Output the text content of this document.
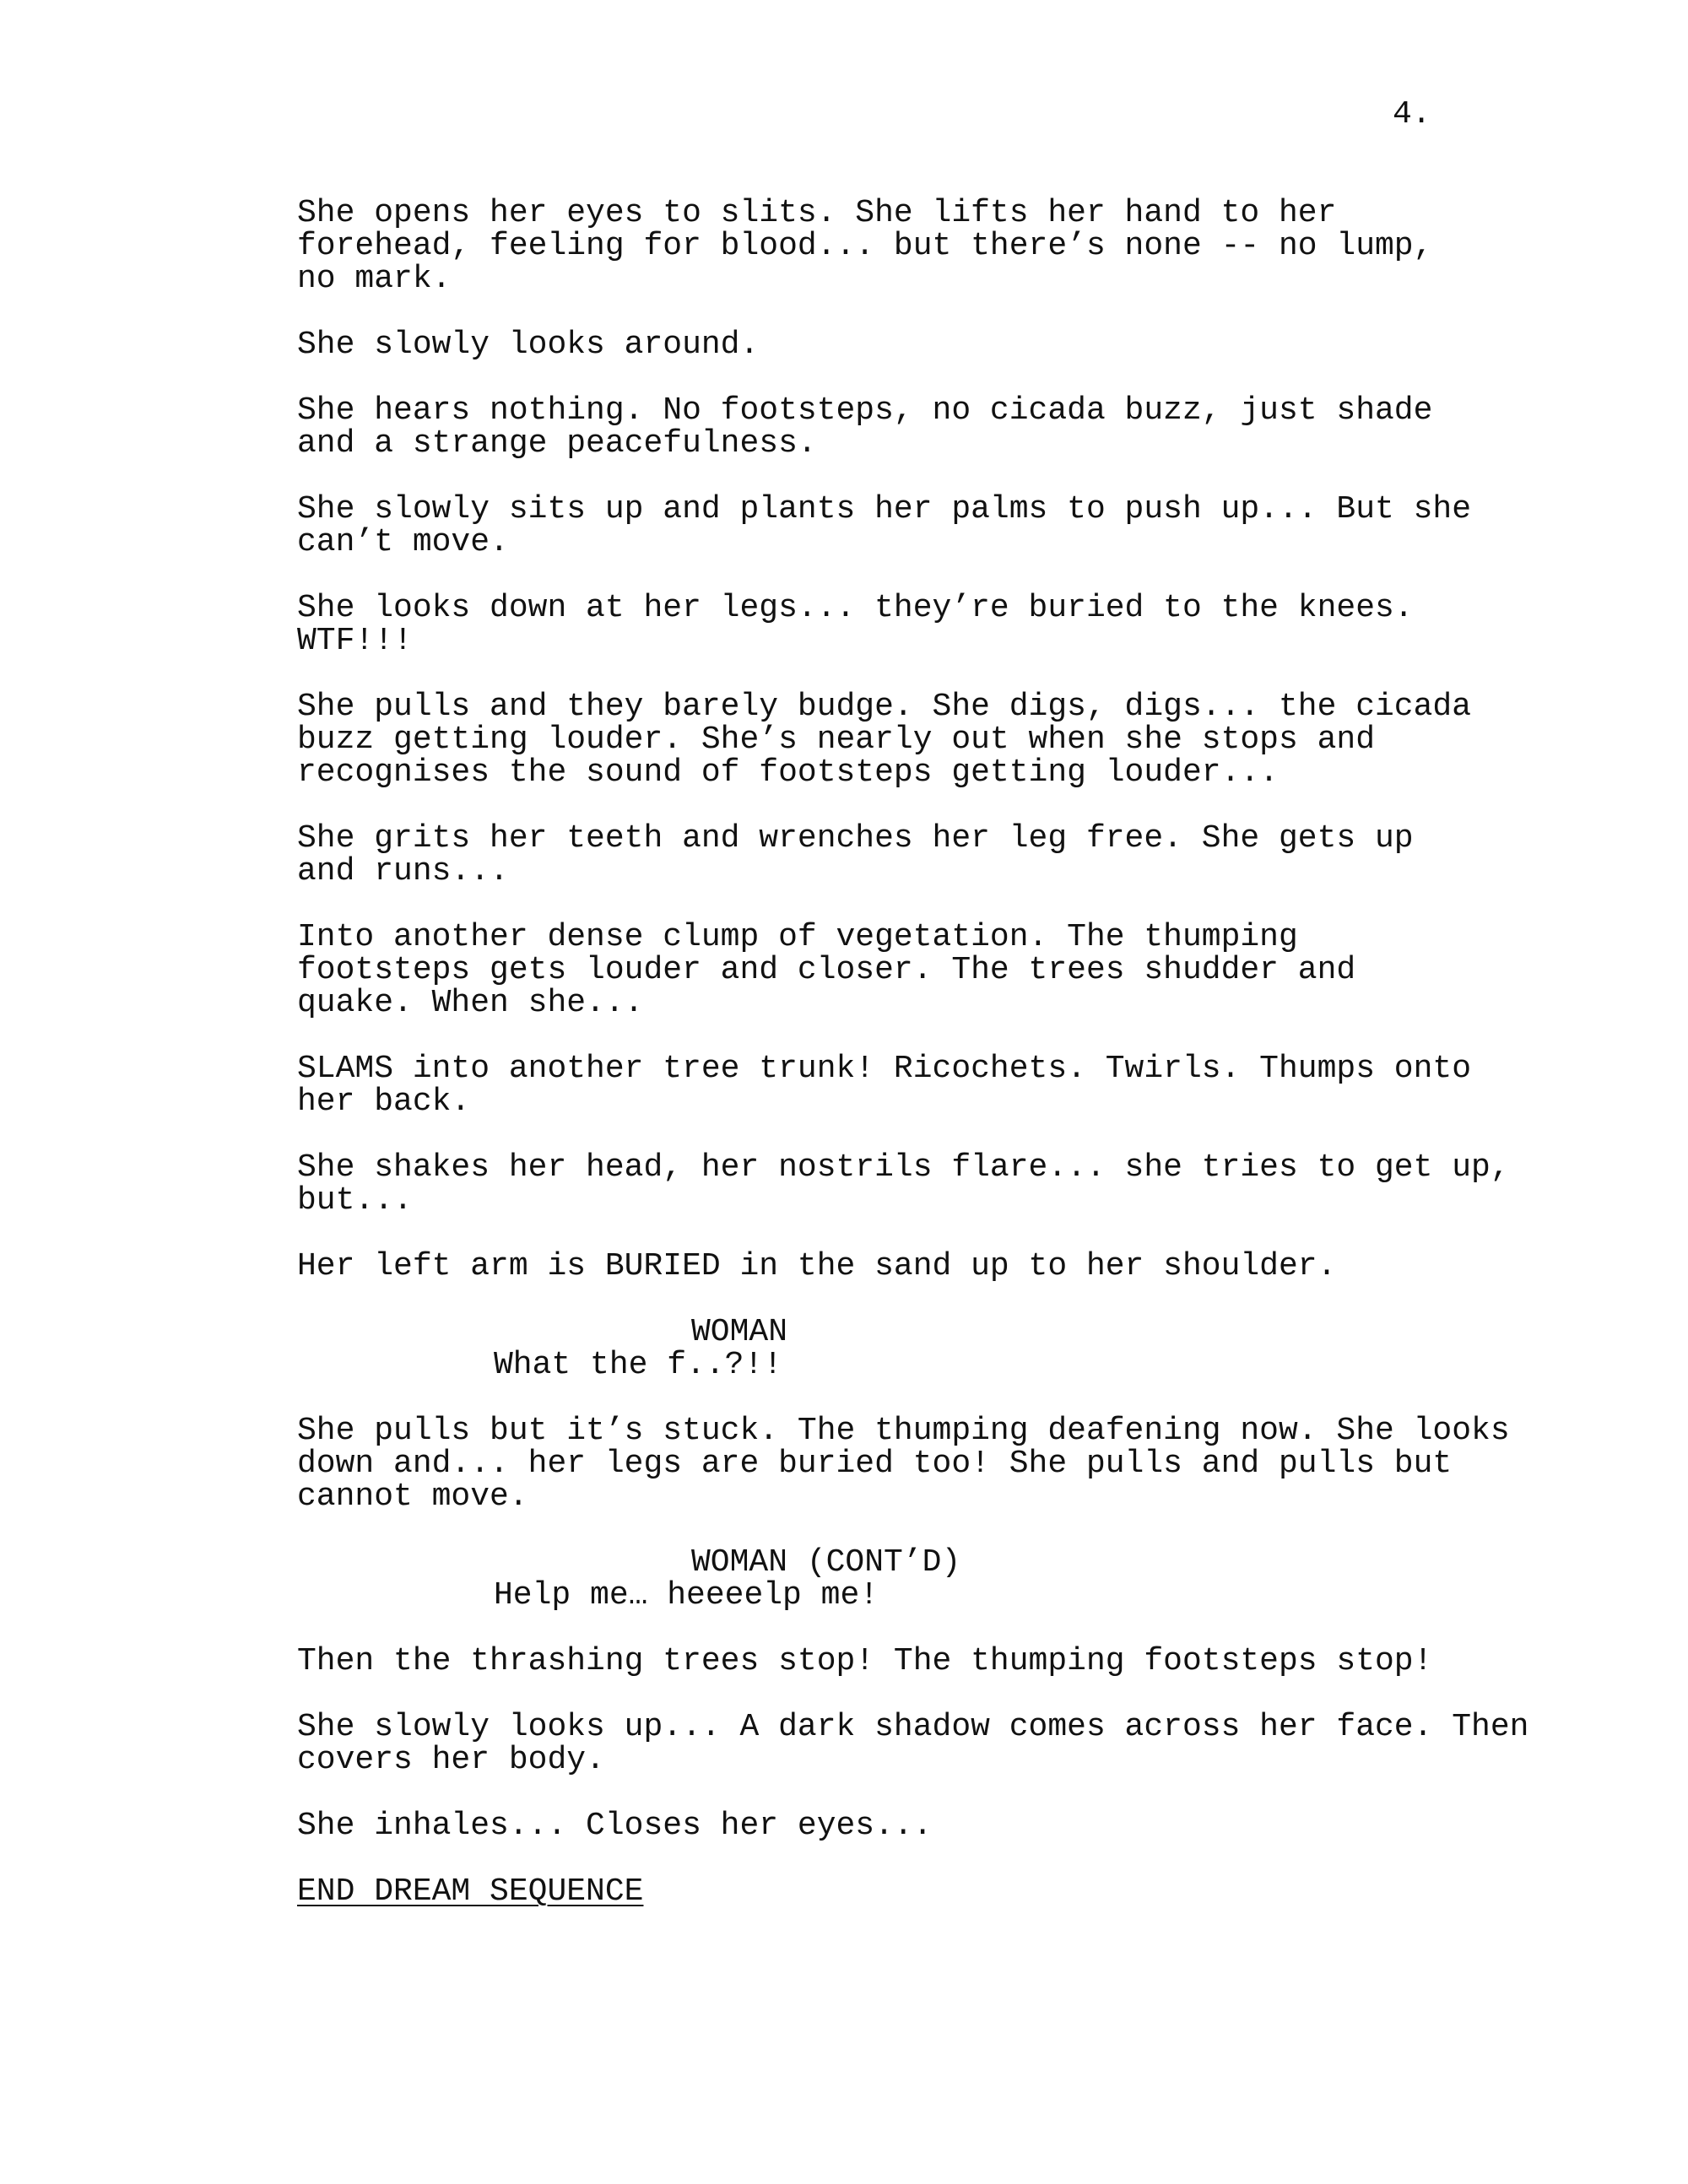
4.
She opens her eyes to slits. She lifts her hand to her
forehead, feeling for blood... but there’s none -- no lump,
no mark.
She slowly looks around.
She hears nothing. No footsteps, no cicada buzz, just shade
and a strange peacefulness.
She slowly sits up and plants her palms to push up... But she
can’t move.
She looks down at her legs... they’re buried to the knees.
WTF!!!
She pulls and they barely budge. She digs, digs... the cicada
buzz getting louder. She’s nearly out when she stops and
recognises the sound of footsteps getting louder...
She grits her teeth and wrenches her leg free. She gets up
and runs...
Into another dense clump of vegetation. The thumping
footsteps gets louder and closer. The trees shudder and
quake. When she...
SLAMS into another tree trunk! Ricochets. Twirls. Thumps onto
her back.
She shakes her head, her nostrils flare... she tries to get up,
but...
Her left arm is BURIED in the sand up to her shoulder.
WOMAN
What the f..?!!
She pulls but it’s stuck. The thumping deafening now. She looks
down and... her legs are buried too! She pulls and pulls but
cannot move.
WOMAN (CONT’D)
Help me… heeeelp me!
Then the thrashing trees stop! The thumping footsteps stop!
She slowly looks up... A dark shadow comes across her face. Then
covers her body.
She inhales... Closes her eyes...
END DREAM SEQUENCE
